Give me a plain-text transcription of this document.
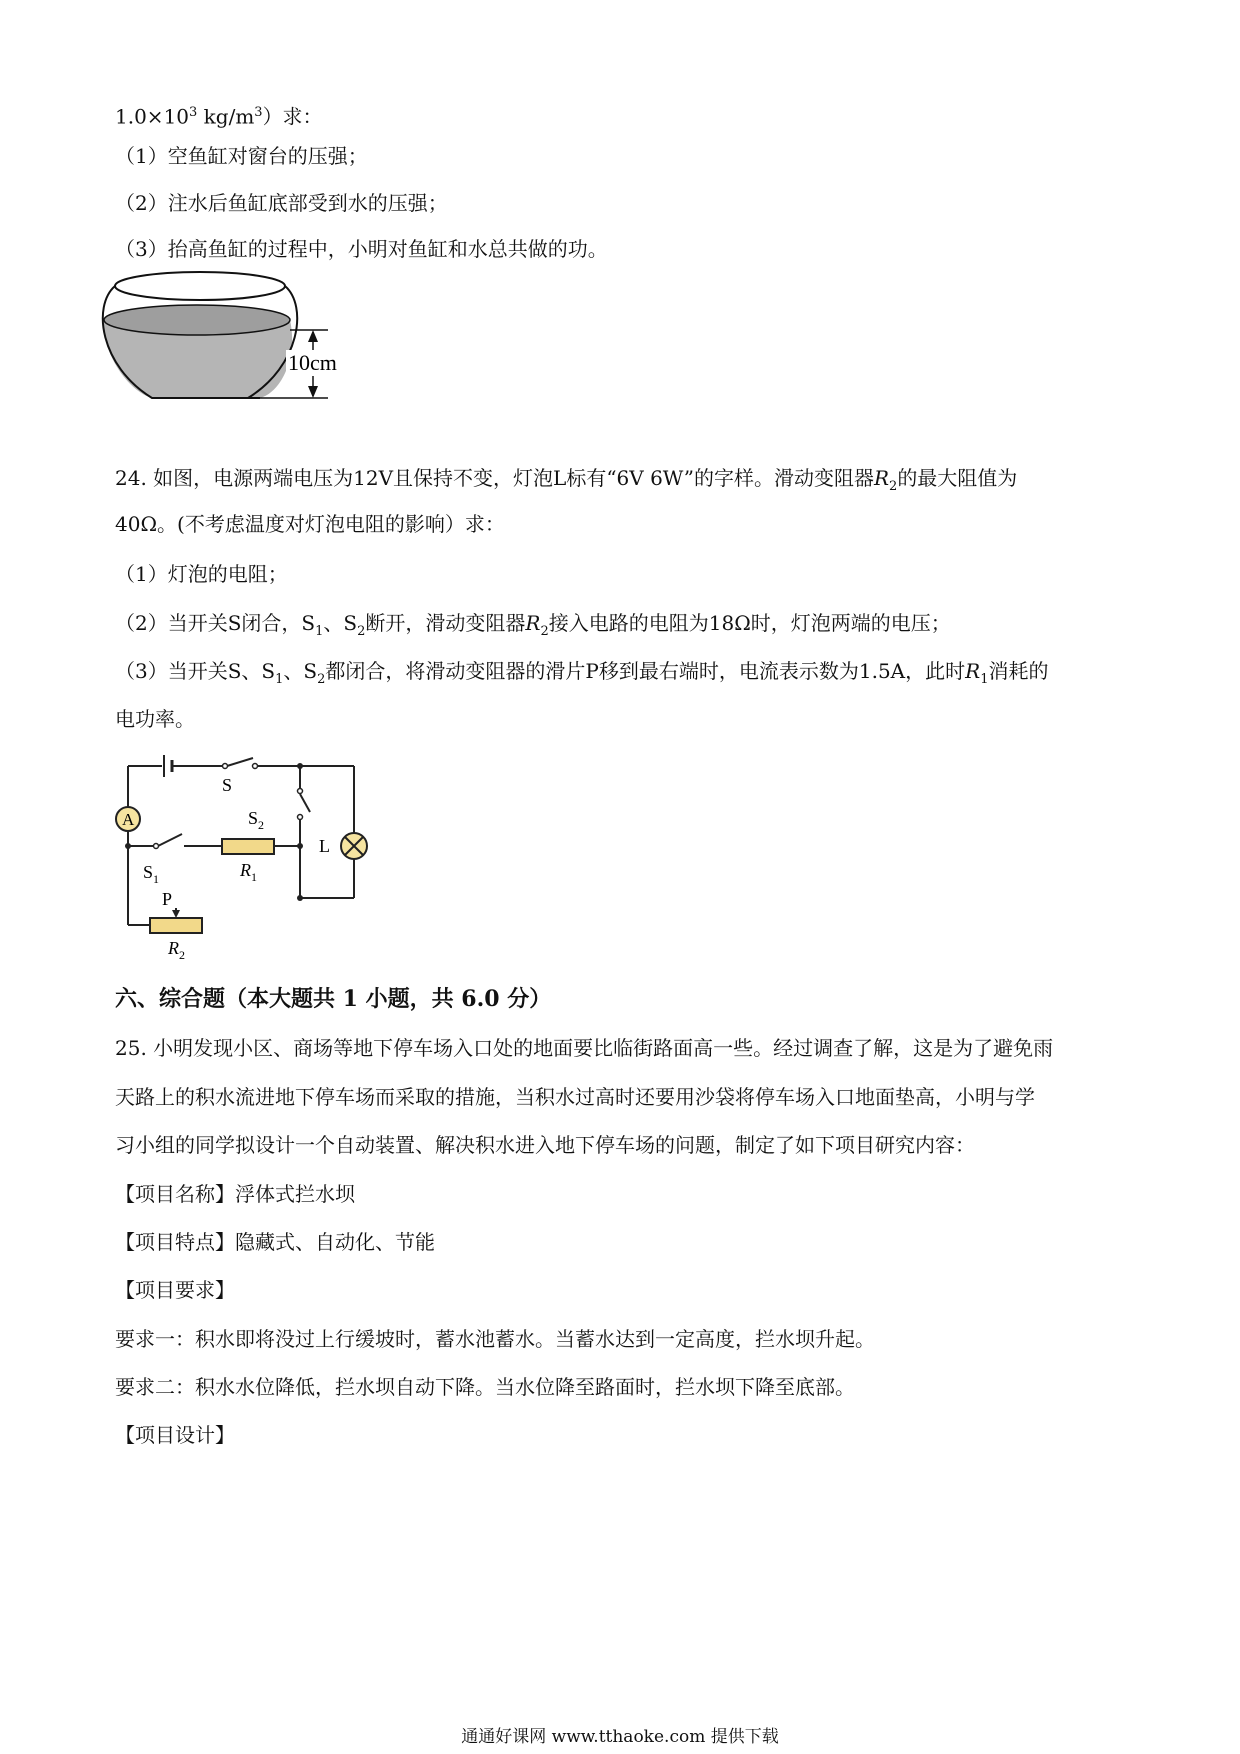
$1.0\times 10^3$ $kg/m^3$）求：
（1）空鱼缸对窗台的压强；
（2）注水后鱼缸底部受到水的压强；
（3）抬高鱼缸的过程中，小明对鱼缸和水总共做的功。
10cm
24. 如图，电源两端电压为12V且保持不变，灯泡L标有“6V 6W”的字样。滑动变阻器$R_2$的最大阻值为
40Ω。(不考虑温度对灯泡电阻的影响）求：
（1）灯泡的电阻；
（2）当开关S闭合，$S_1$、$S_2$断开，滑动变阻器$R_2$接入电路的电阻为18Ω时，灯泡两端的电压；
（3）当开关S、$S_1$、$S_2$都闭合，将滑动变阻器的滑片P移到最右端时，电流表示数为1.5A，此时$R_1$消耗的
电功率。
A
S
$S_2$
L
$S_1$	$R_1$
P
$R_2$
六、综合题（本大题共 1 小题，共 6.0 分）
25. 小明发现小区、商场等地下停车场入口处的地面要比临街路面高一些。经过调查了解，这是为了避免雨
天路上的积水流进地下停车场而采取的措施，当积水过高时还要用沙袋将停车场入口地面垫高，小明与学
习小组的同学拟设计一个自动装置、解决积水进入地下停车场的问题，制定了如下项目研究内容：
【项目名称】浮体式拦水坝
【项目特点】隐藏式、自动化、节能
【项目要求】
要求一：积水即将没过上行缓坡时，蓄水池蓄水。当蓄水达到一定高度，拦水坝升起。
要求二：积水水位降低，拦水坝自动下降。当水位降至路面时，拦水坝下降至底部。
【项目设计】
通通好课网 www.tthaoke.com 提供下载
